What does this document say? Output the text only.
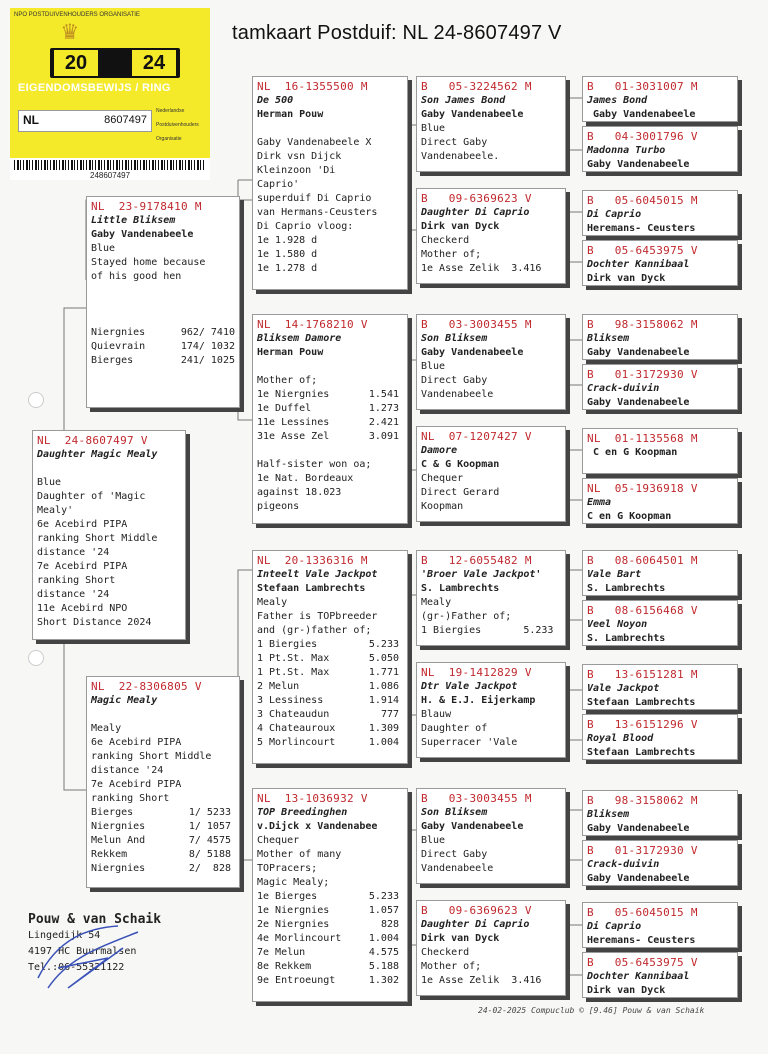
tamkaart Postduif: NL 24-8607497 V
NPO POSTDUIVENHOUDERS ORGANISATIE
♛
20	24
EIGENDOMSBEWIJS / RING
NL	8607497
Nederlandse
Postduivenhouders
Organisatie
248607497
NL  24-8607497 V
Daughter Magic Mealy

Blue
Daughter of 'Magic
Mealy'
6e Acebird PIPA
ranking Short Middle
distance '24
7e Acebird PIPA
ranking Short
distance '24
11e Acebird NPO
Short Distance 2024
NL  23-9178410 M
Little Bliksem
Gaby Vandenabeele
Blue
Stayed home because
of his good hen

Niergnies	962/ 7410
Quievrain	174/ 1032
Bierges	241/ 1025
NL  22-8306805 V
Magic Mealy

Mealy
6e Acebird PIPA
ranking Short Middle
distance '24
7e Acebird PIPA
ranking Short
Bierges	1/ 5233
Niergnies	1/ 1057
Melun And	7/ 4575
Rekkem	8/ 5188
Niergnies	2/  828
NL  16-1355500 M
De 500
Herman Pouw

Gaby Vandenabeele X
Dirk vsn Dijck
Kleinzoon 'Di
Caprio'
superduif Di Caprio
van Hermans-Ceusters
Di Caprio vloog:
1e 1.928 d
1e 1.580 d
1e 1.278 d
NL  14-1768210 V
Bliksem Damore
Herman Pouw

Mother of;
1e Niergnies	1.541
1e Duffel	1.273
11e Lessines	2.421
31e Asse Zel	3.091

Half-sister won oa;
1e Nat. Bordeaux
against 18.023
pigeons
NL  20-1336316 M
Inteelt Vale Jackpot
Stefaan Lambrechts
Mealy
Father is TOPbreeder
and (gr-)father of;
1 Biergies	5.233
1 Pt.St. Max	5.050
1 Pt.St. Max	1.771
2 Melun	1.086
3 Lessiness	1.914
3 Chateaudun	777
4 Chateauroux	1.309
5 Morlincourt	1.004
NL  13-1036932 V
TOP Breedinghen
v.Dijck x Vandenabee
Chequer
Mother of many
TOPracers;
Magic Mealy;
1e Bierges	5.233
1e Niergnies	1.057
2e Niergnies	828
4e Morlincourt	1.004
7e Melun	4.575
8e Rekkem	5.188
9e Entroeungt	1.302
B   05-3224562 M
Son James Bond
Gaby Vandenabeele
Blue
Direct Gaby
Vandenabeele.
B   09-6369623 V
Daughter Di Caprio
Dirk van Dyck
Checkerd
Mother of;
1e Asse Zelik  3.416
B   03-3003455 M
Son Bliksem
Gaby Vandenabeele
Blue
Direct Gaby
Vandenabeele
NL  07-1207427 V
Damore
C & G Koopman
Chequer
Direct Gerard
Koopman
B   12-6055482 M
'Broer Vale Jackpot'
S. Lambrechts
Mealy
(gr-)Father of;
1 Biergies       5.233
NL  19-1412829 V
Dtr Vale Jackpot
H. & E.J. Eijerkamp
Blauw
Daughter of
Superracer 'Vale
B   03-3003455 M
Son Bliksem
Gaby Vandenabeele
Blue
Direct Gaby
Vandenabeele
B   09-6369623 V
Daughter Di Caprio
Dirk van Dyck
Checkerd
Mother of;
1e Asse Zelik  3.416
B   01-3031007 M
James Bond
Gaby Vandenabeele
B   04-3001796 V
Madonna Turbo
Gaby Vandenabeele
B   05-6045015 M
Di Caprio
Heremans- Ceusters
B   05-6453975 V
Dochter Kannibaal
Dirk van Dyck
B   98-3158062 M
Bliksem
Gaby Vandenabeele
B   01-3172930 V
Crack-duivin
Gaby Vandenabeele
NL  01-1135568 M
C en G Koopman
NL  05-1936918 V
Emma
C en G Koopman
B   08-6064501 M
Vale Bart
S. Lambrechts
B   08-6156468 V
Veel Noyon
S. Lambrechts
B   13-6151281 M
Vale Jackpot
Stefaan Lambrechts
B   13-6151296 V
Royal Blood
Stefaan Lambrechts
B   98-3158062 M
Bliksem
Gaby Vandenabeele
B   01-3172930 V
Crack-duivin
Gaby Vandenabeele
B   05-6045015 M
Di Caprio
Heremans- Ceusters
B   05-6453975 V
Dochter Kannibaal
Dirk van Dyck
Pouw & van Schaik
Lingedijk 54
4197 HC Buurmalsen
Tel.:06-55321122
24-02-2025 Compuclub © [9.46] Pouw & van Schaik
